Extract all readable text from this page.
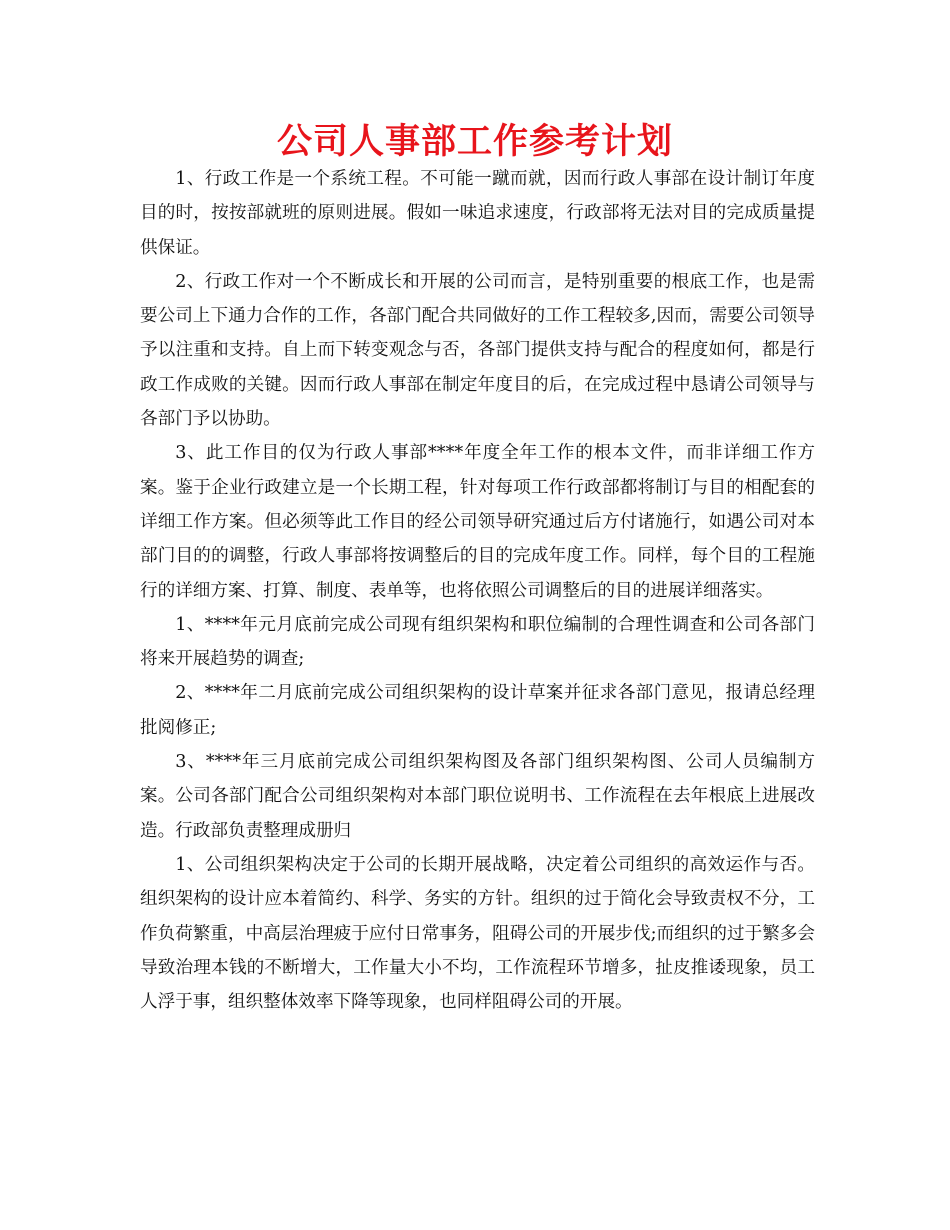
公司人事部工作参考计划

1、行政工作是一个系统工程。不可能一蹴而就，因而行政人事部在设计制订年度目的时，按按部就班的原则进展。假如一味追求速度，行政部将无法对目的完成质量提供保证。

2、行政工作对一个不断成长和开展的公司而言，是特别重要的根底工作，也是需要公司上下通力合作的工作，各部门配合共同做好的工作工程较多,因而，需要公司领导予以注重和支持。自上而下转变观念与否，各部门提供支持与配合的程度如何，都是行政工作成败的关键。因而行政人事部在制定年度目的后，在完成过程中恳请公司领导与各部门予以协助。

3、此工作目的仅为行政人事部****年度全年工作的根本文件，而非详细工作方案。鉴于企业行政建立是一个长期工程，针对每项工作行政部都将制订与目的相配套的详细工作方案。但必须等此工作目的经公司领导研究通过后方付诸施行，如遇公司对本部门目的的调整，行政人事部将按调整后的目的完成年度工作。同样，每个目的工程施行的详细方案、打算、制度、表单等，也将依照公司调整后的目的进展详细落实。

1、****年元月底前完成公司现有组织架构和职位编制的合理性调查和公司各部门将来开展趋势的调查;

2、****年二月底前完成公司组织架构的设计草案并征求各部门意见，报请总经理批阅修正;

3、****年三月底前完成公司组织架构图及各部门组织架构图、公司人员编制方案。公司各部门配合公司组织架构对本部门职位说明书、工作流程在去年根底上进展改造。行政部负责整理成册归

1、公司组织架构决定于公司的长期开展战略，决定着公司组织的高效运作与否。组织架构的设计应本着简约、科学、务实的方针。组织的过于简化会导致责权不分，工作负荷繁重，中高层治理疲于应付日常事务，阻碍公司的开展步伐;而组织的过于繁多会导致治理本钱的不断增大，工作量大小不均，工作流程环节增多，扯皮推诿现象，员工人浮于事，组织整体效率下降等现象，也同样阻碍公司的开展。
